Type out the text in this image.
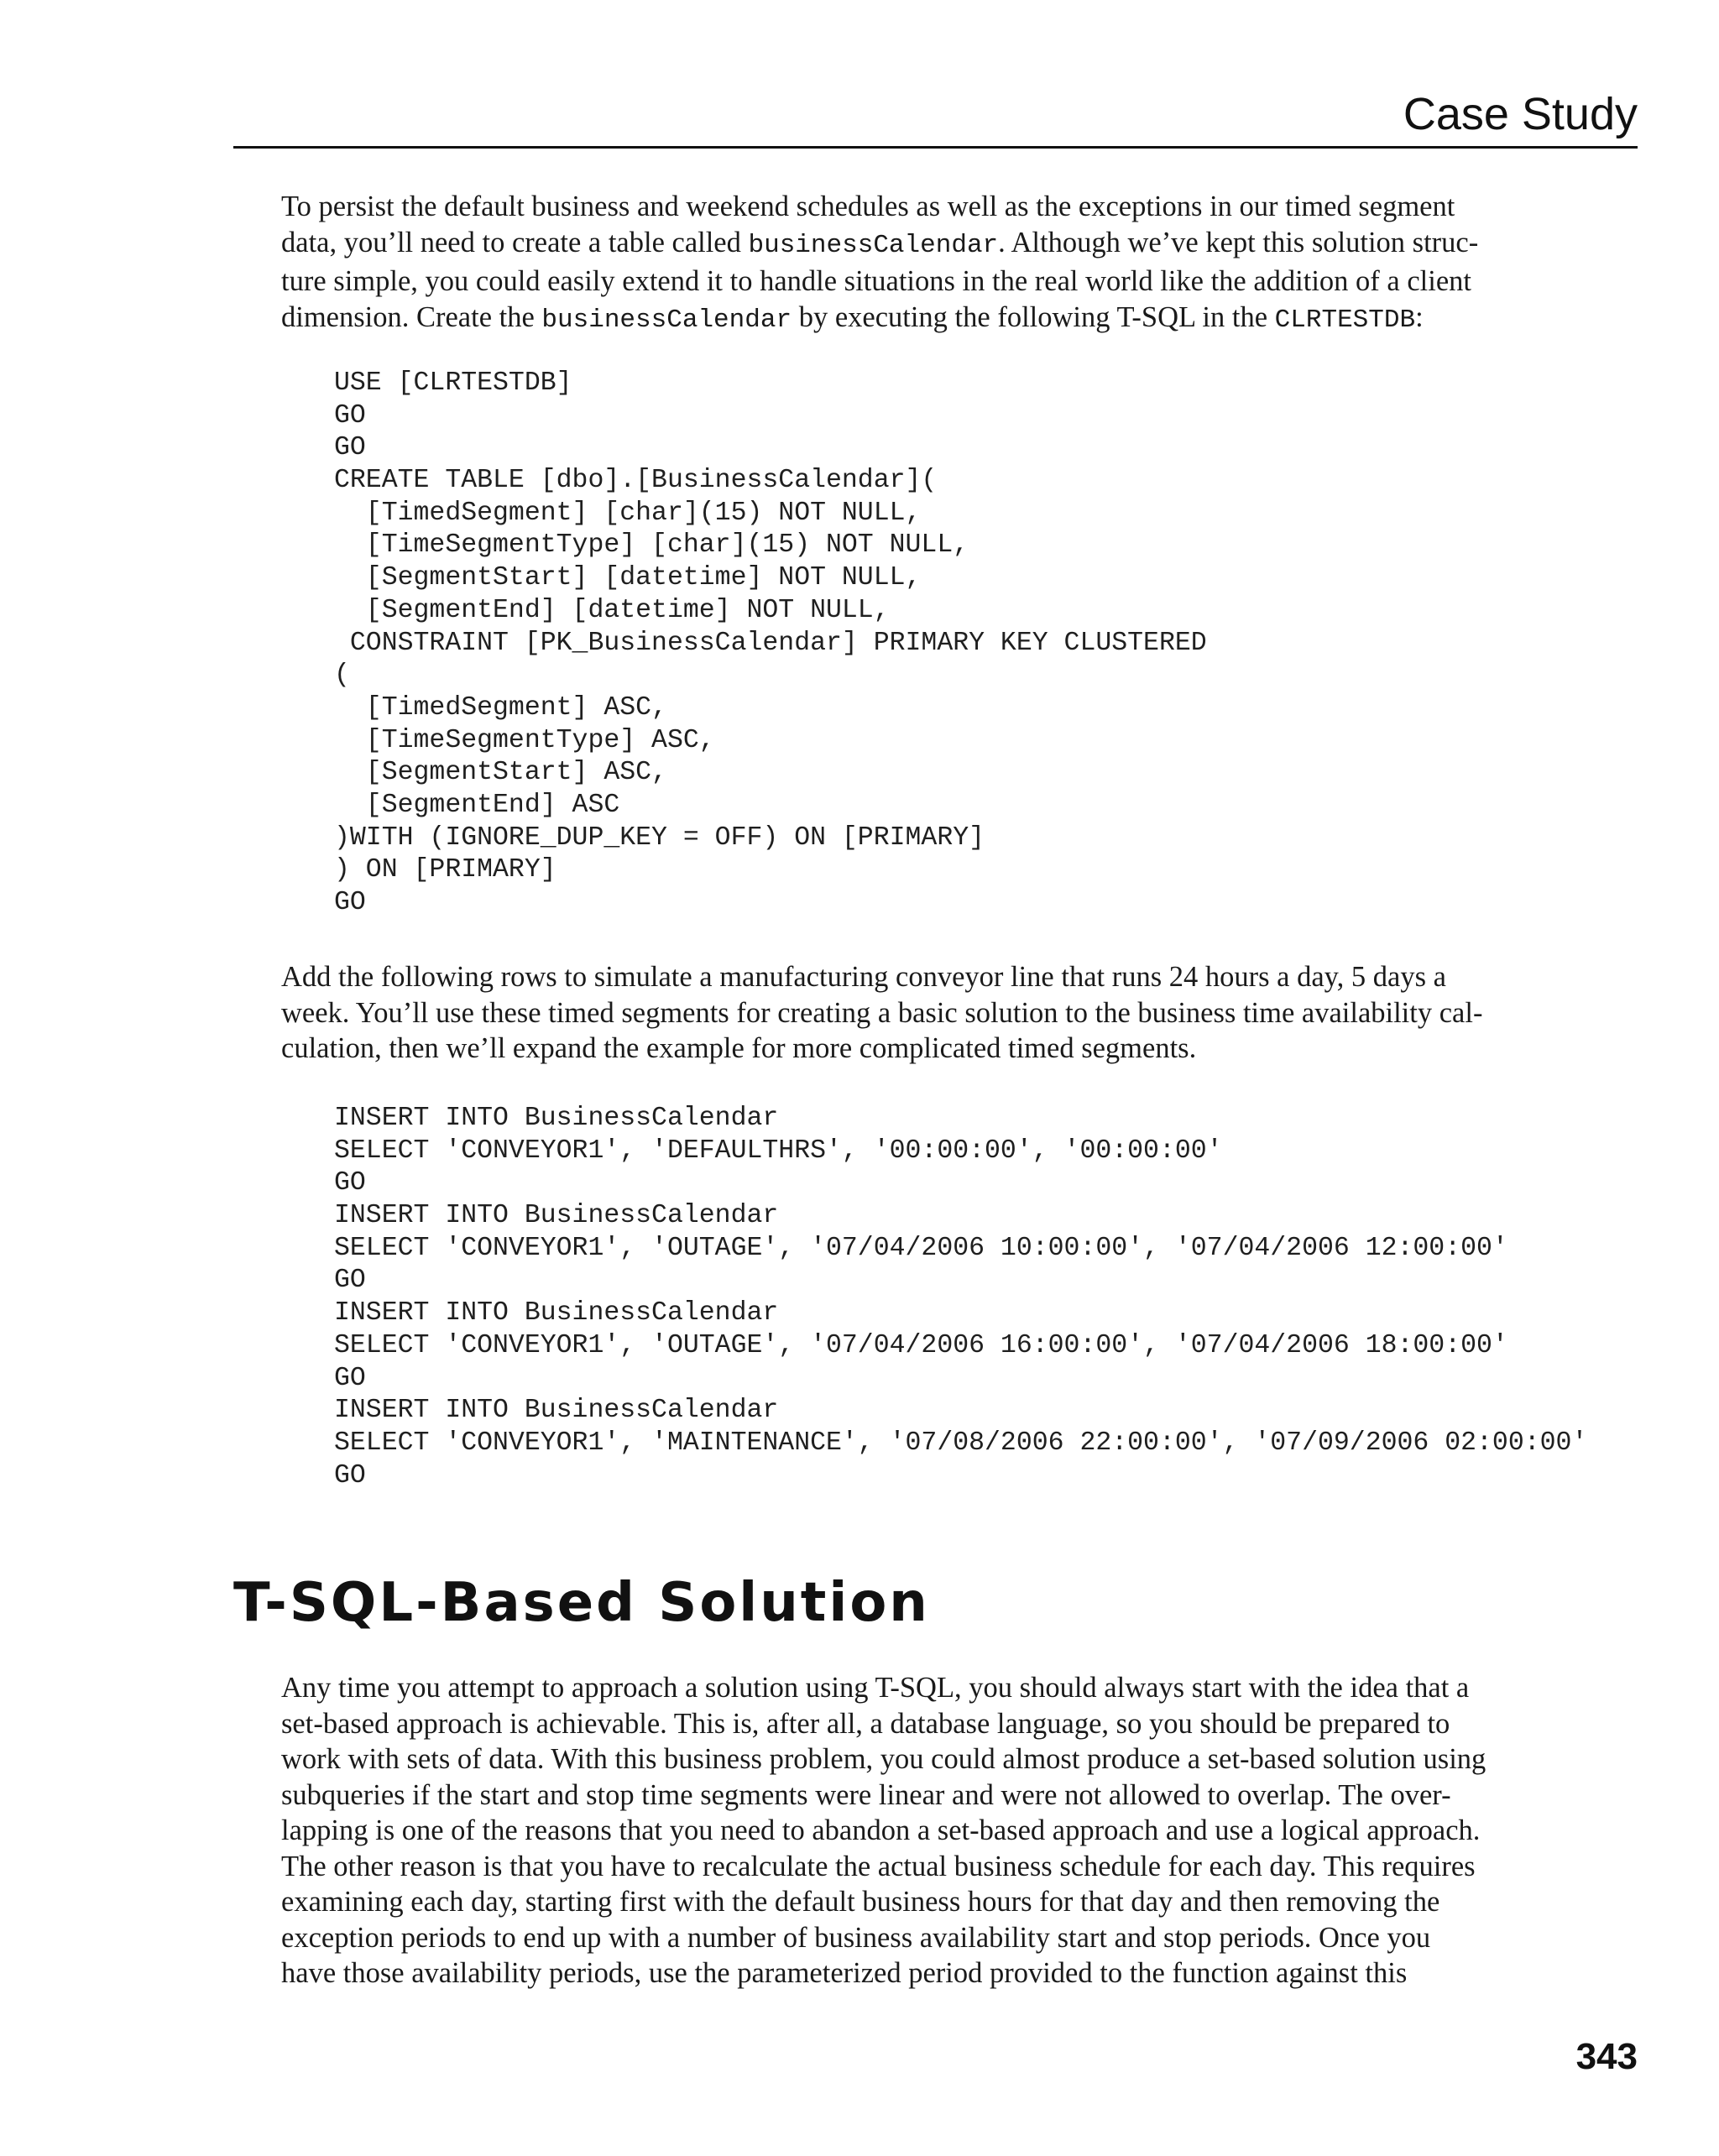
Case Study
To persist the default business and weekend schedules as well as the exceptions in our timed segment
data, you’ll need to create a table called businessCalendar. Although we’ve kept this solution struc-
ture simple, you could easily extend it to handle situations in the real world like the addition of a client
dimension. Create the businessCalendar by executing the following T-SQL in the CLRTESTDB:
USE [CLRTESTDB]
GO
GO
CREATE TABLE [dbo].[BusinessCalendar](
[TimedSegment] [char](15) NOT NULL,
[TimeSegmentType] [char](15) NOT NULL,
[SegmentStart] [datetime] NOT NULL,
[SegmentEnd] [datetime] NOT NULL,
CONSTRAINT [PK_BusinessCalendar] PRIMARY KEY CLUSTERED
(
[TimedSegment] ASC,
[TimeSegmentType] ASC,
[SegmentStart] ASC,
[SegmentEnd] ASC
)WITH (IGNORE_DUP_KEY = OFF) ON [PRIMARY]
) ON [PRIMARY]
GO
Add the following rows to simulate a manufacturing conveyor line that runs 24 hours a day, 5 days a
week. You’ll use these timed segments for creating a basic solution to the business time availability cal-
culation, then we’ll expand the example for more complicated timed segments.
INSERT INTO BusinessCalendar
SELECT 'CONVEYOR1', 'DEFAULTHRS', '00:00:00', '00:00:00'
GO
INSERT INTO BusinessCalendar
SELECT 'CONVEYOR1', 'OUTAGE', '07/04/2006 10:00:00', '07/04/2006 12:00:00'
GO
INSERT INTO BusinessCalendar
SELECT 'CONVEYOR1', 'OUTAGE', '07/04/2006 16:00:00', '07/04/2006 18:00:00'
GO
INSERT INTO BusinessCalendar
SELECT 'CONVEYOR1', 'MAINTENANCE', '07/08/2006 22:00:00', '07/09/2006 02:00:00'
GO
T-SQL-Based Solution
Any time you attempt to approach a solution using T-SQL, you should always start with the idea that a
set-based approach is achievable. This is, after all, a database language, so you should be prepared to
work with sets of data. With this business problem, you could almost produce a set-based solution using
subqueries if the start and stop time segments were linear and were not allowed to overlap. The over-
lapping is one of the reasons that you need to abandon a set-based approach and use a logical approach.
The other reason is that you have to recalculate the actual business schedule for each day. This requires
examining each day, starting first with the default business hours for that day and then removing the
exception periods to end up with a number of business availability start and stop periods. Once you
have those availability periods, use the parameterized period provided to the function against this
343
